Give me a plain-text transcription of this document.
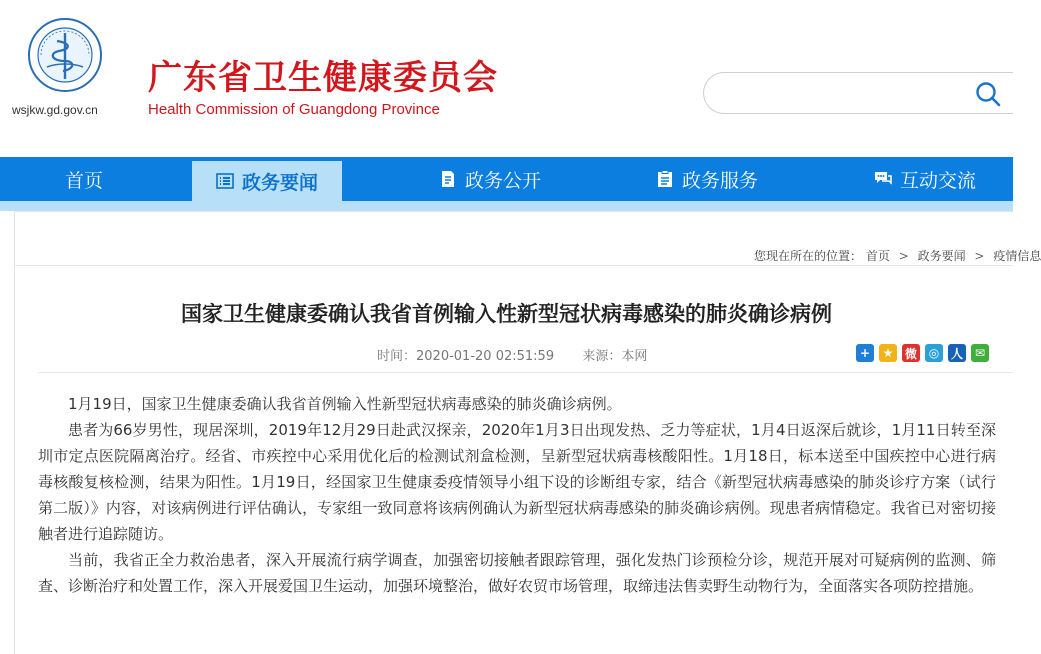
wsjkw.gd.gov.cn
广东省卫生健康委员会
Health Commission of Guangdong Province
首页	政务要闻	政务公开	政务服务	互动交流
您现在所在的位置： 首页 > 政务要闻 > 疫情信息
国家卫生健康委确认我省首例输入性新型冠状病毒感染的肺炎确诊病例
时间：2020-01-20 02:51:59 来源：本网	+	★ 微 ◎ 人 ✉

1月19日，国家卫生健康委确认我省首例输入性新型冠状病毒感染的肺炎确诊病例。

患者为66岁男性，现居深圳，2019年12月29日赴武汉探亲，2020年1月3日出现发热、乏力等症状，1月4日返深后就诊，1月11日转至深圳市定点医院隔离治疗。经省、市疾控中心采用优化后的检测试剂盒检测，呈新型冠状病毒核酸阳性。1月18日，标本送至中国疾控中心进行病毒核酸复核检测，结果为阳性。1月19日，经国家卫生健康委疫情领导小组下设的诊断组专家，结合《新型冠状病毒感染的肺炎诊疗方案（试行第二版）》内容，对该病例进行评估确认，专家组一致同意将该病例确认为新型冠状病毒感染的肺炎确诊病例。现患者病情稳定。我省已对密切接触者进行追踪随访。

当前，我省正全力救治患者，深入开展流行病学调查，加强密切接触者跟踪管理，强化发热门诊预检分诊，规范开展对可疑病例的监测、筛查、诊断治疗和处置工作，深入开展爱国卫生运动，加强环境整治，做好农贸市场管理，取缔违法售卖野生动物行为，全面落实各项防控措施。
